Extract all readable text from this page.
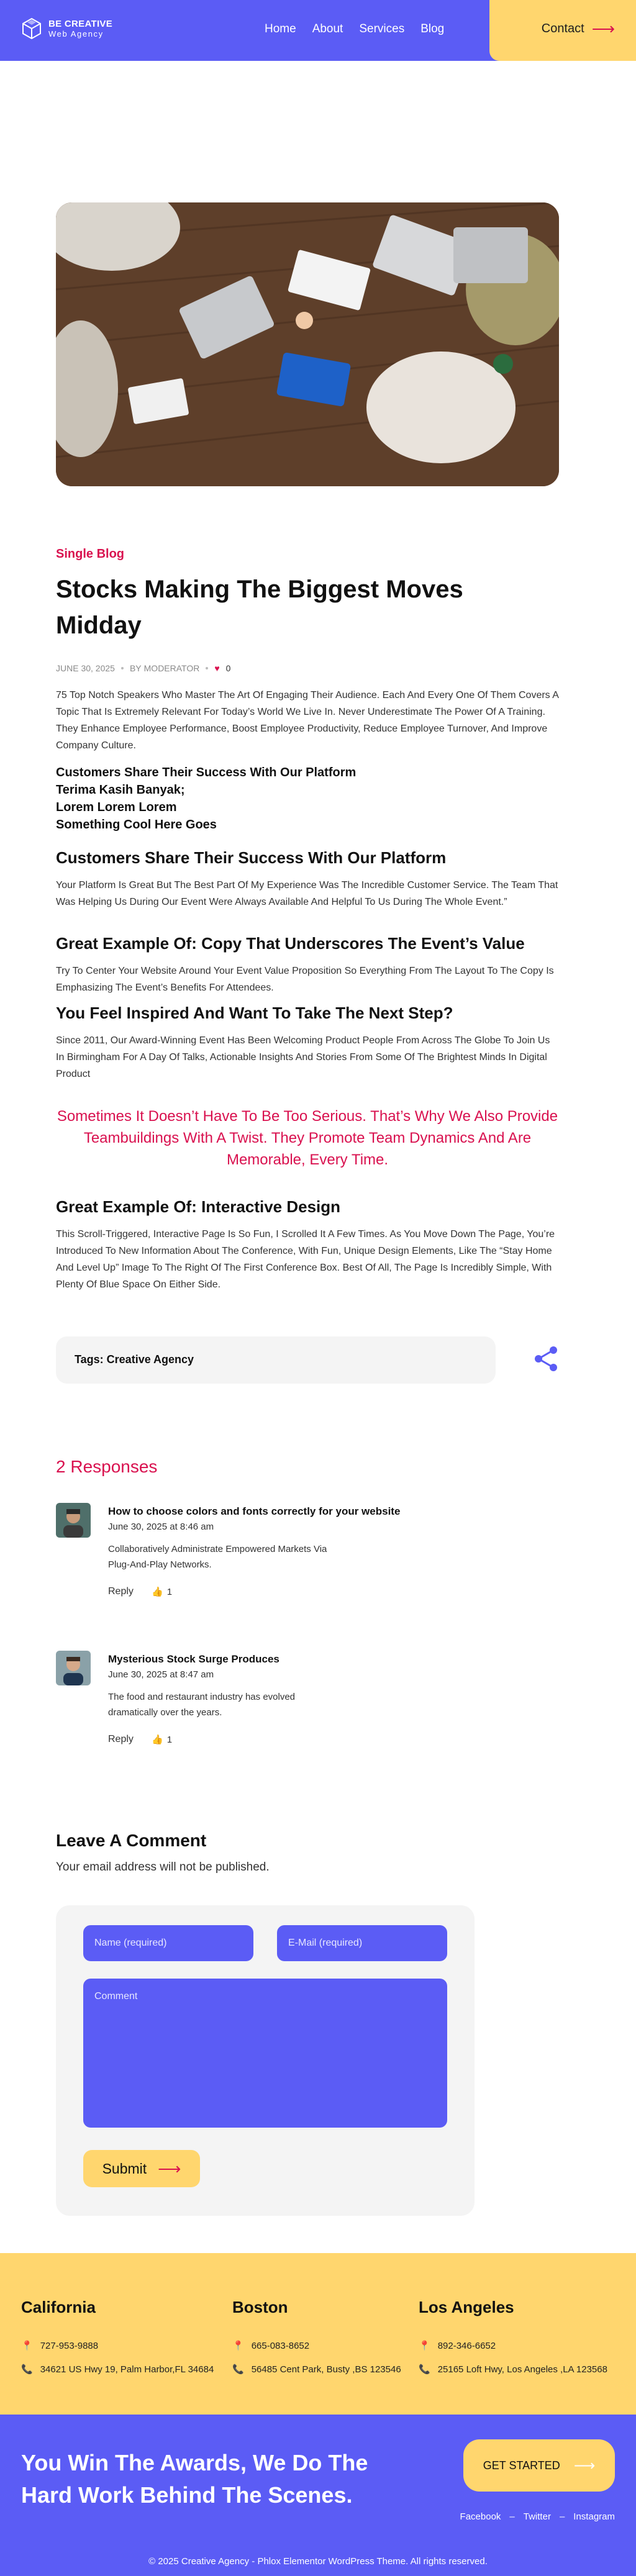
BE CREATIVE
Web Agency	Home About Services Blog	Contact ⟶
Single Blog
Stocks Making The Biggest Moves Midday
JUNE 30, 2025 BY MODERATOR ♥ 0
75 Top Notch Speakers Who Master The Art Of Engaging Their Audience. Each And Every One Of Them Covers A Topic That Is Extremely Relevant For Today’s World We Live In. Never Underestimate The Power Of A Training. They Enhance Employee Performance, Boost Employee Productivity, Reduce Employee Turnover, And Improve Company Culture.
Customers Share Their Success With Our Platform
Terima Kasih Banyak;
Lorem Lorem Lorem
Something Cool Here Goes
Customers Share Their Success With Our Platform
Your Platform Is Great But The Best Part Of My Experience Was The Incredible Customer Service. The Team That Was Helping Us During Our Event Were Always Available And Helpful To Us During The Whole Event.”
Great Example Of: Copy That Underscores The Event’s Value
Try To Center Your Website Around Your Event Value Proposition So Everything From The Layout To The Copy Is Emphasizing The Event’s Benefits For Attendees.
You Feel Inspired And Want To Take The Next Step?
Since 2011, Our Award-Winning Event Has Been Welcoming Product People From Across The Globe To Join Us In Birmingham For A Day Of Talks, Actionable Insights And Stories From Some Of The Brightest Minds In Digital Product
Sometimes It Doesn’t Have To Be Too Serious. That’s Why We Also Provide Teambuildings With A Twist. They Promote Team Dynamics And Are Memorable, Every Time.
Great Example Of: Interactive Design
This Scroll-Triggered, Interactive Page Is So Fun, I Scrolled It A Few Times. As You Move Down The Page, You’re Introduced To New Information About The Conference, With Fun, Unique Design Elements, Like The “Stay Home And Level Up” Image To The Right Of The First Conference Box. Best Of All, The Page Is Incredibly Simple, With Plenty Of Blue Space On Either Side.
Tags: Creative Agency
2 Responses
How to choose colors and fonts correctly for your website
June 30, 2025 at 8:46 am
Collaboratively Administrate Empowered Markets Via Plug-And-Play Networks.
Reply 👍 1
Mysterious Stock Surge Produces
June 30, 2025 at 8:47 am
The food and restaurant industry has evolved dramatically over the years.
Reply 👍 1
Leave A Comment
Your email address will not be published.
Name (required)	E-Mail (required)
Comment
Submit ⟶
California
📍 727-953-9888
📞 34621 US Hwy 19, Palm Harbor,FL 34684
Boston
📍 665-083-8652
📞 56485 Cent Park, Busty ,BS 123546
Los Angeles
📍 892-346-6652
📞 25165 Loft Hwy, Los Angeles ,LA 123568
You Win The Awards, We Do The Hard Work Behind The Scenes.
GET STARTED ⟶
Facebook – Twitter – Instagram
© 2025 Creative Agency - Phlox Elementor WordPress Theme. All rights reserved.
